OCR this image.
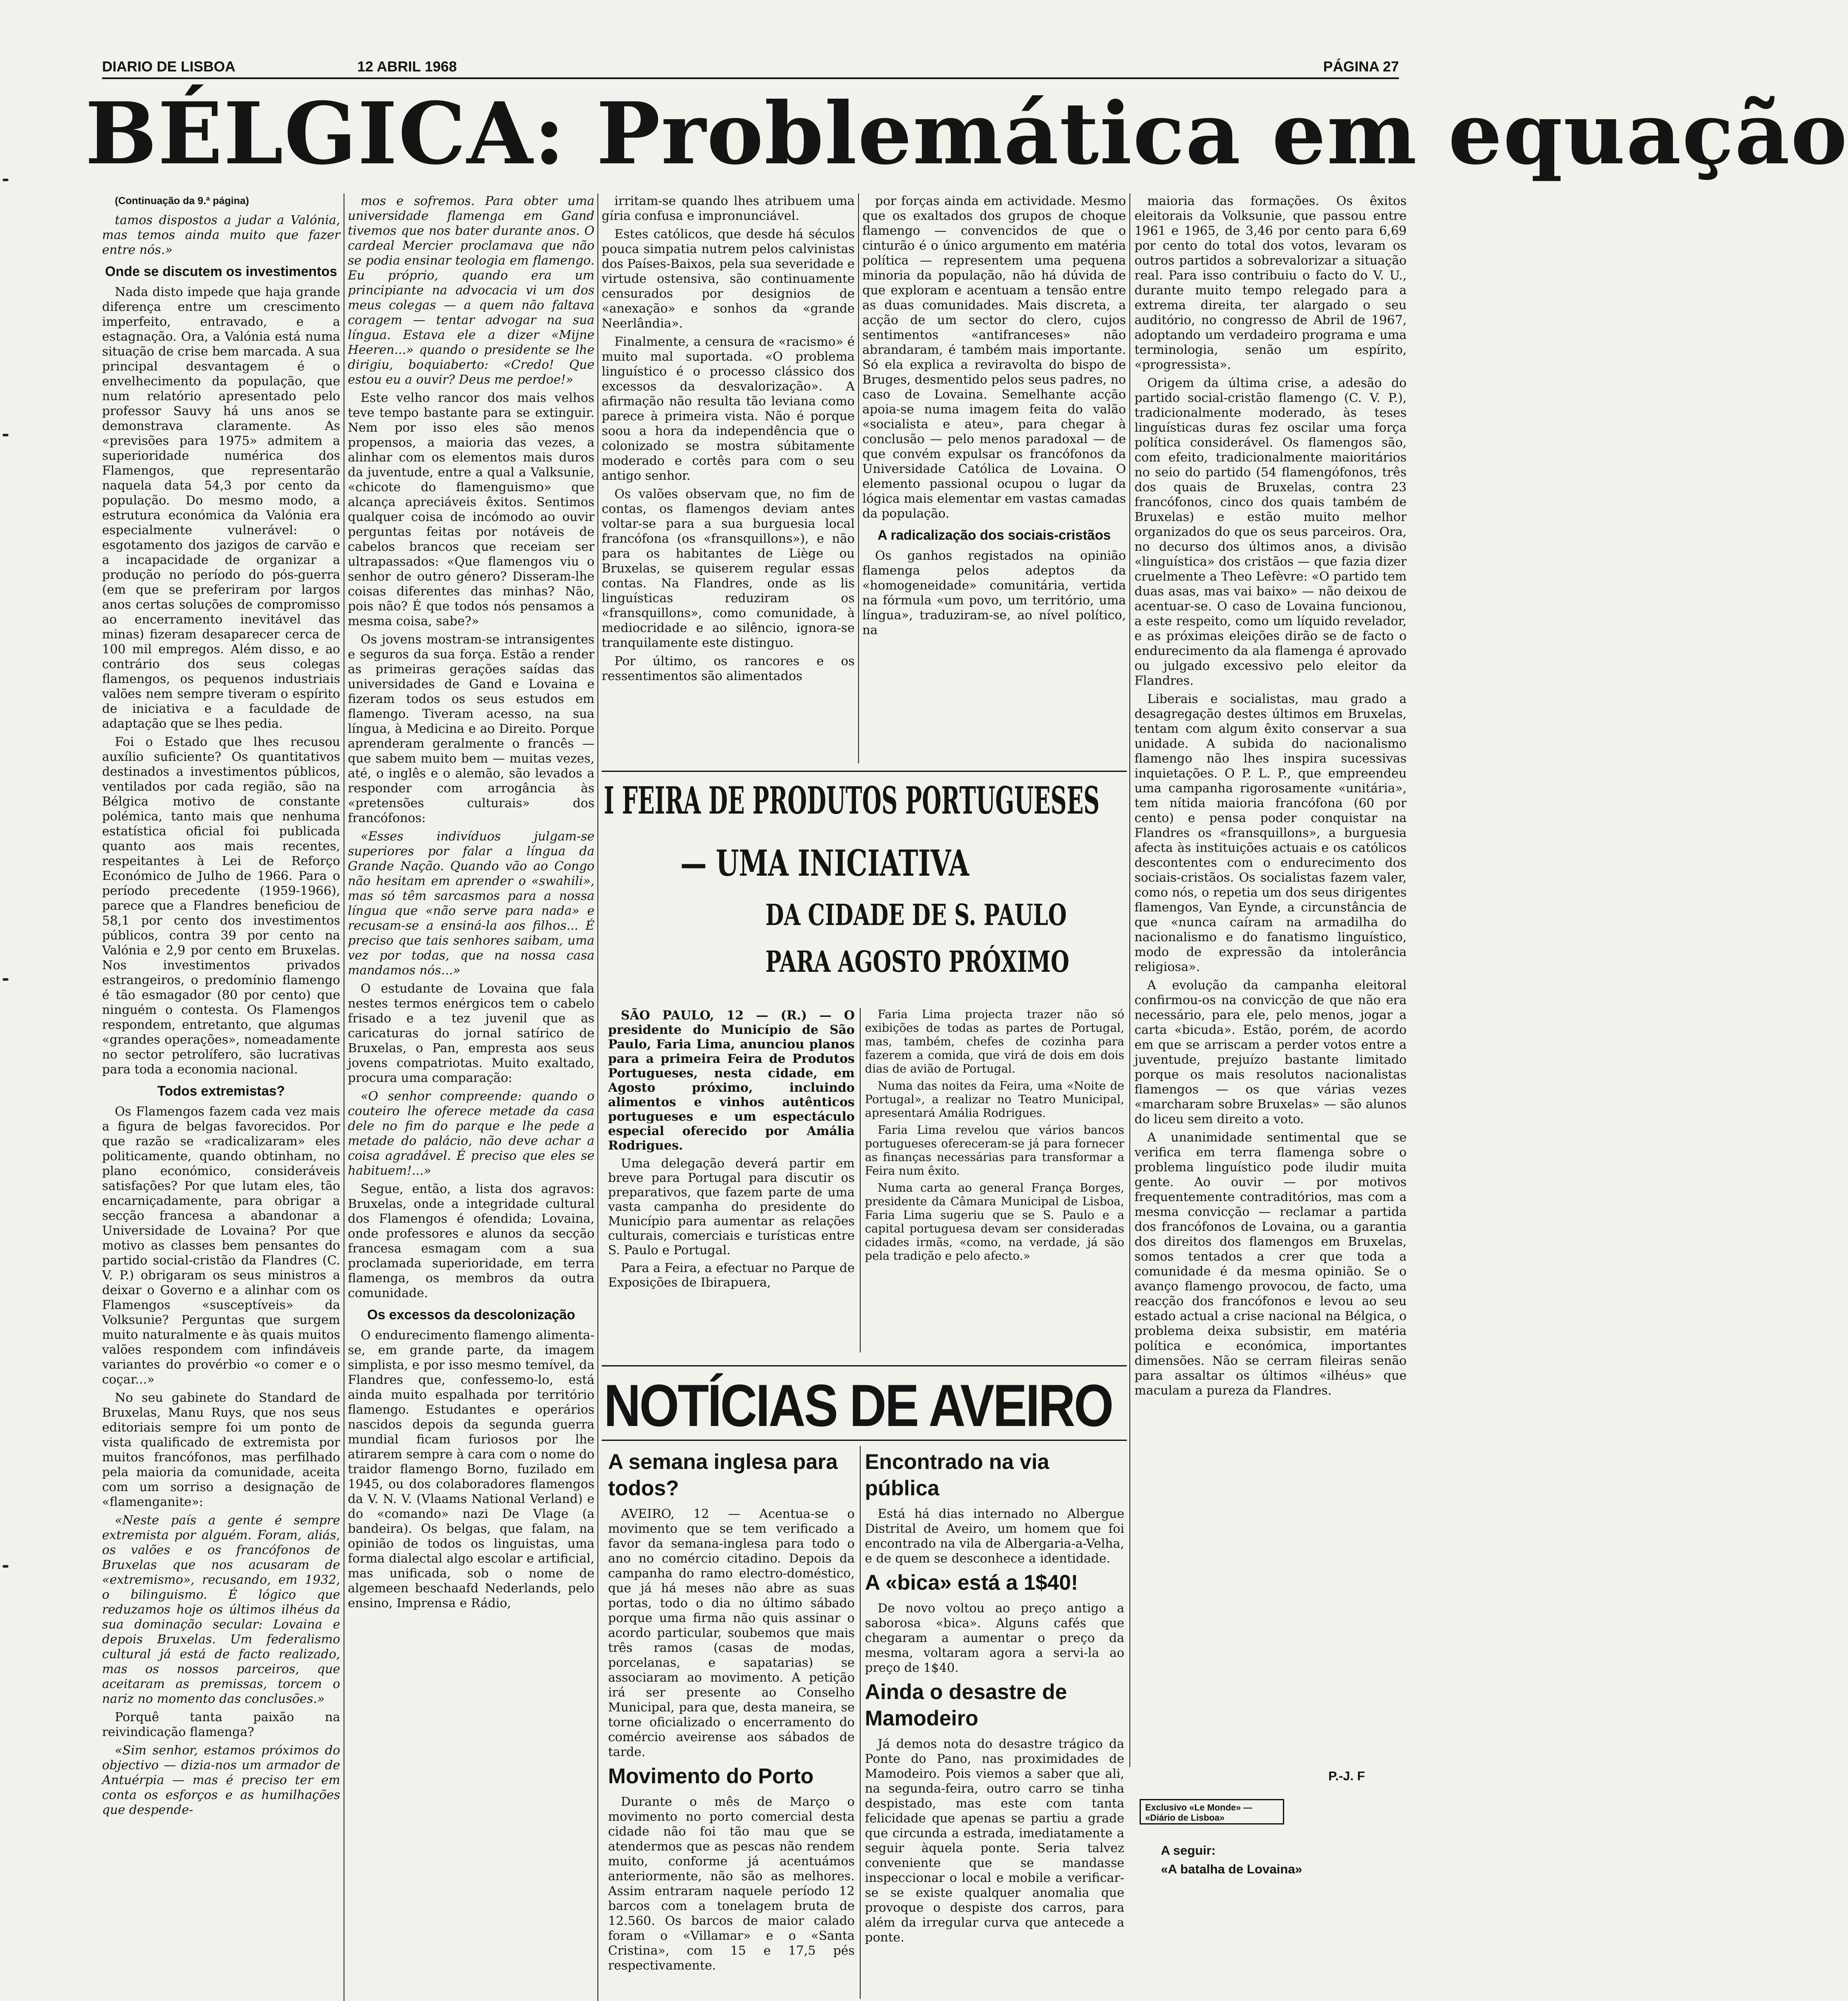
DIARIO DE LISBOA	12 ABRIL 1968	PÁGINA 27
BÉLGICA: Problemática em equação
(Continuação da 9.ª página)

tamos dispostos a judar a Valónia, mas temos ainda muito que fazer entre nós.»

Onde se discutem os investimentos

Nada disto impede que haja grande diferença entre um crescimento imperfeito, entravado, e a estagnação. Ora, a Valónia está numa situação de crise bem marcada. A sua principal desvantagem é o envelhecimento da população, que num relatório apresentado pelo professor Sauvy há uns anos se demonstrava claramente. As «previsões para 1975» admitem a superioridade numérica dos Flamengos, que representarão naquela data 54,3 por cento da população. Do mesmo modo, a estrutura económica da Valónia era especialmente vulnerável: o esgotamento dos jazigos de carvão e a incapacidade de organizar a produção no período do pós-guerra (em que se preferiram por largos anos certas soluções de compromisso ao encerramento inevitável das minas) fizeram desaparecer cerca de 100 mil empregos. Além disso, e ao contrário dos seus colegas flamengos, os pequenos industriais valões nem sempre tiveram o espírito de iniciativa e a faculdade de adaptação que se lhes pedia.

Foi o Estado que lhes recusou auxílio suficiente? Os quantitativos destinados a investimentos públicos, ventilados por cada região, são na Bélgica motivo de constante polémica, tanto mais que nenhuma estatística oficial foi publicada quanto aos mais recentes, respeitantes à Lei de Reforço Económico de Julho de 1966. Para o período precedente (1959-1966), parece que a Flandres beneficiou de 58,1 por cento dos investimentos públicos, contra 39 por cento na Valónia e 2,9 por cento em Bruxelas. Nos investimentos privados estrangeiros, o predomínio flamengo é tão esmagador (80 por cento) que ninguém o contesta. Os Flamengos respondem, entretanto, que algumas «grandes operações», nomeadamente no sector petrolífero, são lucrativas para toda a economia nacional.

Todos extremistas?

Os Flamengos fazem cada vez mais a figura de belgas favorecidos. Por que razão se «radicalizaram» eles politicamente, quando obtinham, no plano económico, consideráveis satisfações? Por que lutam eles, tão encarniçadamente, para obrigar a secção francesa a abandonar a Universidade de Lovaina? Por que motivo as classes bem pensantes do partido social-cristão da Flandres (C. V. P.) obrigaram os seus ministros a deixar o Governo e a alinhar com os Flamengos «susceptíveis» da Volksunie? Perguntas que surgem muito naturalmente e às quais muitos valões respondem com infindáveis variantes do provérbio «o comer e o coçar...»

No seu gabinete do Standard de Bruxelas, Manu Ruys, que nos seus editoriais sempre foi um ponto de vista qualificado de extremista por muitos francófonos, mas perfilhado pela maioria da comunidade, aceita com um sorriso a designação de «flamenganite»:

«Neste país a gente é sempre extremista por alguém. Foram, aliás, os valões e os francófonos de Bruxelas que nos acusaram de «extremismo», recusando, em 1932, o bilinguismo. É lógico que reduzamos hoje os últimos ilhéus da sua dominação secular: Lovaina e depois Bruxelas. Um federalismo cultural já está de facto realizado, mas os nossos parceiros, que aceitaram as premissas, torcem o nariz no momento das conclusões.»

Porquê tanta paixão na reivindicação flamenga?

«Sim senhor, estamos próximos do objectivo — dizia-nos um armador de Antuérpia — mas é preciso ter em conta os esforços e as humilhações que despende-

mos e sofremos. Para obter uma universidade flamenga em Gand tivemos que nos bater durante anos. O cardeal Mercier proclamava que não se podia ensinar teologia em flamengo. Eu próprio, quando era um principiante na advocacia vi um dos meus colegas — a quem não faltava coragem — tentar advogar na sua língua. Estava ele a dizer «Mijne Heeren...» quando o presidente se lhe dirigiu, boquiaberto: «Credo! Que estou eu a ouvir? Deus me perdoe!»

Este velho rancor dos mais velhos teve tempo bastante para se extinguir. Nem por isso eles são menos propensos, a maioria das vezes, a alinhar com os elementos mais duros da juventude, entre a qual a Valksunie, «chicote do flamenguismo» que alcança apreciáveis êxitos. Sentimos qualquer coisa de incómodo ao ouvir perguntas feitas por notáveis de cabelos brancos que receiam ser ultrapassados: «Que flamengos viu o senhor de outro género? Disseram-lhe coisas diferentes das minhas? Não, pois não? É que todos nós pensamos a mesma coisa, sabe?»

Os jovens mostram-se intransigentes e seguros da sua força. Estão a render as primeiras gerações saídas das universidades de Gand e Lovaina e fizeram todos os seus estudos em flamengo. Tiveram acesso, na sua língua, à Medicina e ao Direito. Porque aprenderam geralmente o francês — que sabem muito bem — muitas vezes, até, o inglês e o alemão, são levados a responder com arrogância às «pretensões culturais» dos francófonos:

«Esses indivíduos julgam-se superiores por falar a língua da Grande Nação. Quando vão ao Congo não hesitam em aprender o «swahili», mas só têm sarcasmos para a nossa língua que «não serve para nada» e recusam-se a ensiná-la aos filhos... É preciso que tais senhores saibam, uma vez por todas, que na nossa casa mandamos nós...»

O estudante de Lovaina que fala nestes termos enérgicos tem o cabelo frisado e a tez juvenil que as caricaturas do jornal satírico de Bruxelas, o Pan, empresta aos seus jovens compatriotas. Muito exaltado, procura uma comparação:

«O senhor compreende: quando o couteiro lhe oferece metade da casa dele no fim do parque e lhe pede a metade do palácio, não deve achar a coisa agradável. É preciso que eles se habituem!...»

Segue, então, a lista dos agravos: Bruxelas, onde a integridade cultural dos Flamengos é ofendida; Lovaina, onde professores e alunos da secção francesa esmagam com a sua proclamada superioridade, em terra flamenga, os membros da outra comunidade.

Os excessos da descolonização

O endurecimento flamengo alimenta-se, em grande parte, da imagem simplista, e por isso mesmo temível, da Flandres que, confessemo-lo, está ainda muito espalhada por território flamengo. Estudantes e operários nascidos depois da segunda guerra mundial ficam furiosos por lhe atirarem sempre à cara com o nome do traidor flamengo Borno, fuzilado em 1945, ou dos colaboradores flamengos da V. N. V. (Vlaams National Verland) e do «comando» nazi De Vlage (a bandeira). Os belgas, que falam, na opinião de todos os linguistas, uma forma dialectal algo escolar e artificial, mas unificada, sob o nome de algemeen beschaafd Nederlands, pelo ensino, Imprensa e Rádio,

irritam-se quando lhes atribuem uma gíria confusa e impronunciável.

Estes católicos, que desde há séculos pouca simpatia nutrem pelos calvinistas dos Países-Baixos, pela sua severidade e virtude ostensiva, são continuamente censurados por designios de «anexação» e sonhos da «grande Neerlândia».

Finalmente, a censura de «racismo» é muito mal suportada. «O problema linguístico é o processo clássico dos excessos da desvalorização». A afirmação não resulta tão leviana como parece à primeira vista. Não é porque soou a hora da independência que o colonizado se mostra súbitamente moderado e cortês para com o seu antigo senhor.

Os valões observam que, no fim de contas, os flamengos deviam antes voltar-se para a sua burguesia local francófona (os «fransquillons»), e não para os habitantes de Liège ou Bruxelas, se quiserem regular essas contas. Na Flandres, onde as lis linguísticas reduziram os «fransquillons», como comunidade, à mediocridade e ao silêncio, ignora-se tranquilamente este distinguo.

Por último, os rancores e os ressentimentos são alimentados

por forças ainda em actividade. Mesmo que os exaltados dos grupos de choque flamengo — convencidos de que o cinturão é o único argumento em matéria política — representem uma pequena minoria da população, não há dúvida de que exploram e acentuam a tensão entre as duas comunidades. Mais discreta, a acção de um sector do clero, cujos sentimentos «antifranceses» não abrandaram, é também mais importante. Só ela explica a reviravolta do bispo de Bruges, desmentido pelos seus padres, no caso de Lovaina. Semelhante acção apoia-se numa imagem feita do valão «socialista e ateu», para chegar à conclusão — pelo menos paradoxal — de que convém expulsar os francófonos da Universidade Católica de Lovaina. O elemento passional ocupou o lugar da lógica mais elementar em vastas camadas da população.

A radicalização dos sociais-cristãos

Os ganhos registados na opinião flamenga pelos adeptos da «homogeneidade» comunitária, vertida na fórmula «um povo, um território, uma língua», traduziram-se, ao nível político, na

maioria das formações. Os êxitos eleitorais da Volksunie, que passou entre 1961 e 1965, de 3,46 por cento para 6,69 por cento do total dos votos, levaram os outros partidos a sobrevalorizar a situação real. Para isso contribuiu o facto do V. U., durante muito tempo relegado para a extrema direita, ter alargado o seu auditório, no congresso de Abril de 1967, adoptando um verdadeiro programa e uma terminologia, senão um espírito, «progressista».

Origem da última crise, a adesão do partido social-cristão flamengo (C. V. P.), tradicionalmente moderado, às teses linguísticas duras fez oscilar uma força política considerável. Os flamengos são, com efeito, tradicionalmente maioritários no seio do partido (54 flamengófonos, três dos quais de Bruxelas, contra 23 francófonos, cinco dos quais também de Bruxelas) e estão muito melhor organizados do que os seus parceiros. Ora, no decurso dos últimos anos, a divisão «linguística» dos cristãos — que fazia dizer cruelmente a Theo Lefèvre: «O partido tem duas asas, mas vai baixo» — não deixou de acentuar-se. O caso de Lovaina funcionou, a este respeito, como um líquido revelador, e as próximas eleições dirão se de facto o endurecimento da ala flamenga é aprovado ou julgado excessivo pelo eleitor da Flandres.

Liberais e socialistas, mau grado a desagregação destes últimos em Bruxelas, tentam com algum êxito conservar a sua unidade. A subida do nacionalismo flamengo não lhes inspira sucessivas inquietações. O P. L. P., que empreendeu uma campanha rigorosamente «unitária», tem nítida maioria francófona (60 por cento) e pensa poder conquistar na Flandres os «fransquillons», a burguesia afecta às instituições actuais e os católicos descontentes com o endurecimento dos sociais-cristãos. Os socialistas fazem valer, como nós, o repetia um dos seus dirigentes flamengos, Van Eynde, a circunstância de que «nunca caíram na armadilha do nacionalismo e do fanatismo linguístico, modo de expressão da intolerância religiosa».

A evolução da campanha eleitoral confirmou-os na convicção de que não era necessário, para ele, pelo menos, jogar a carta «bicuda». Estão, porém, de acordo em que se arriscam a perder votos entre a juventude, prejuízo bastante limitado porque os mais resolutos nacionalistas flamengos — os que várias vezes «marcharam sobre Bruxelas» — são alunos do liceu sem direito a voto.

A unanimidade sentimental que se verifica em terra flamenga sobre o problema linguístico pode iludir muita gente. Ao ouvir — por motivos frequentemente contraditórios, mas com a mesma convicção — reclamar a partida dos francófonos de Lovaina, ou a garantia dos direitos dos flamengos em Bruxelas, somos tentados a crer que toda a comunidade é da mesma opinião. Se o avanço flamengo provocou, de facto, uma reacção dos francófonos e levou ao seu estado actual a crise nacional na Bélgica, o problema deixa subsistir, em matéria política e económica, importantes dimensões. Não se cerram fileiras senão para assaltar os últimos «ilhéus» que maculam a pureza da Flandres.

P.-J. F
Exclusivo «Le Monde» — «Diário de Lisboa»
A seguir:
«A batalha de Lovaina»
I FEIRA DE PRODUTOS PORTUGUESES
— UMA INICIATIVA
DA CIDADE DE S. PAULO
PARA AGOSTO PRÓXIMO

SÃO PAULO, 12 — (R.) — O presidente do Município de São Paulo, Faria Lima, anunciou planos para a primeira Feira de Produtos Portugueses, nesta cidade, em Agosto próximo, incluindo alimentos e vinhos autênticos portugueses e um espectáculo especial oferecido por Amália Rodrigues.

Uma delegação deverá partir em breve para Portugal para discutir os preparativos, que fazem parte de uma vasta campanha do presidente do Município para aumentar as relações culturais, comerciais e turísticas entre S. Paulo e Portugal.

Para a Feira, a efectuar no Parque de Exposições de Ibirapuera,

Faria Lima projecta trazer não só exibições de todas as partes de Portugal, mas, também, chefes de cozinha para fazerem a comida, que virá de dois em dois dias de avião de Portugal.

Numa das noites da Feira, uma «Noite de Portugal», a realizar no Teatro Municipal, apresentará Amália Rodrigues.

Faria Lima revelou que vários bancos portugueses ofereceram-se já para fornecer as finanças necessárias para transformar a Feira num êxito.

Numa carta ao general França Borges, presidente da Câmara Municipal de Lisboa, Faria Lima sugeriu que se S. Paulo e a capital portuguesa devam ser consideradas cidades irmãs, «como, na verdade, já são pela tradição e pelo afecto.»

NOTÍCIAS DE AVEIRO
A semana inglesa para todos?

AVEIRO, 12 — Acentua-se o movimento que se tem verificado a favor da semana-inglesa para todo o ano no comércio citadino. Depois da campanha do ramo electro-doméstico, que já há meses não abre as suas portas, todo o dia no último sábado porque uma firma não quis assinar o acordo particular, soubemos que mais três ramos (casas de modas, porcelanas, e sapatarias) se associaram ao movimento. A petição irá ser presente ao Conselho Municipal, para que, desta maneira, se torne oficializado o encerramento do comércio aveirense aos sábados de tarde.

Movimento do Porto

Durante o mês de Março o movimento no porto comercial desta cidade não foi tão mau que se atendermos que as pescas não rendem muito, conforme já acentuámos anteriormente, não são as melhores. Assim entraram naquele período 12 barcos com a tonelagem bruta de 12.560. Os barcos de maior calado foram o «Villamar» e o «Santa Cristina», com 15 e 17,5 pés respectivamente.

Encontrado na via pública

Está há dias internado no Albergue Distrital de Aveiro, um homem que foi encontrado na vila de Albergaria-a-Velha, e de quem se desconhece a identidade.

A «bica» está a 1$40!

De novo voltou ao preço antigo a saborosa «bica». Alguns cafés que chegaram a aumentar o preço da mesma, voltaram agora a servi-la ao preço de 1$40.

Ainda o desastre de Mamodeiro

Já demos nota do desastre trágico da Ponte do Pano, nas proximidades de Mamodeiro. Pois viemos a saber que ali, na segunda-feira, outro carro se tinha despistado, mas este com tanta felicidade que apenas se partiu a grade que circunda a estrada, imediatamente a seguir àquela ponte. Seria talvez conveniente que se mandasse inspeccionar o local e mobile a verificar-se se existe qualquer anomalia que provoque o despiste dos carros, para além da irregular curva que antecede a ponte.
